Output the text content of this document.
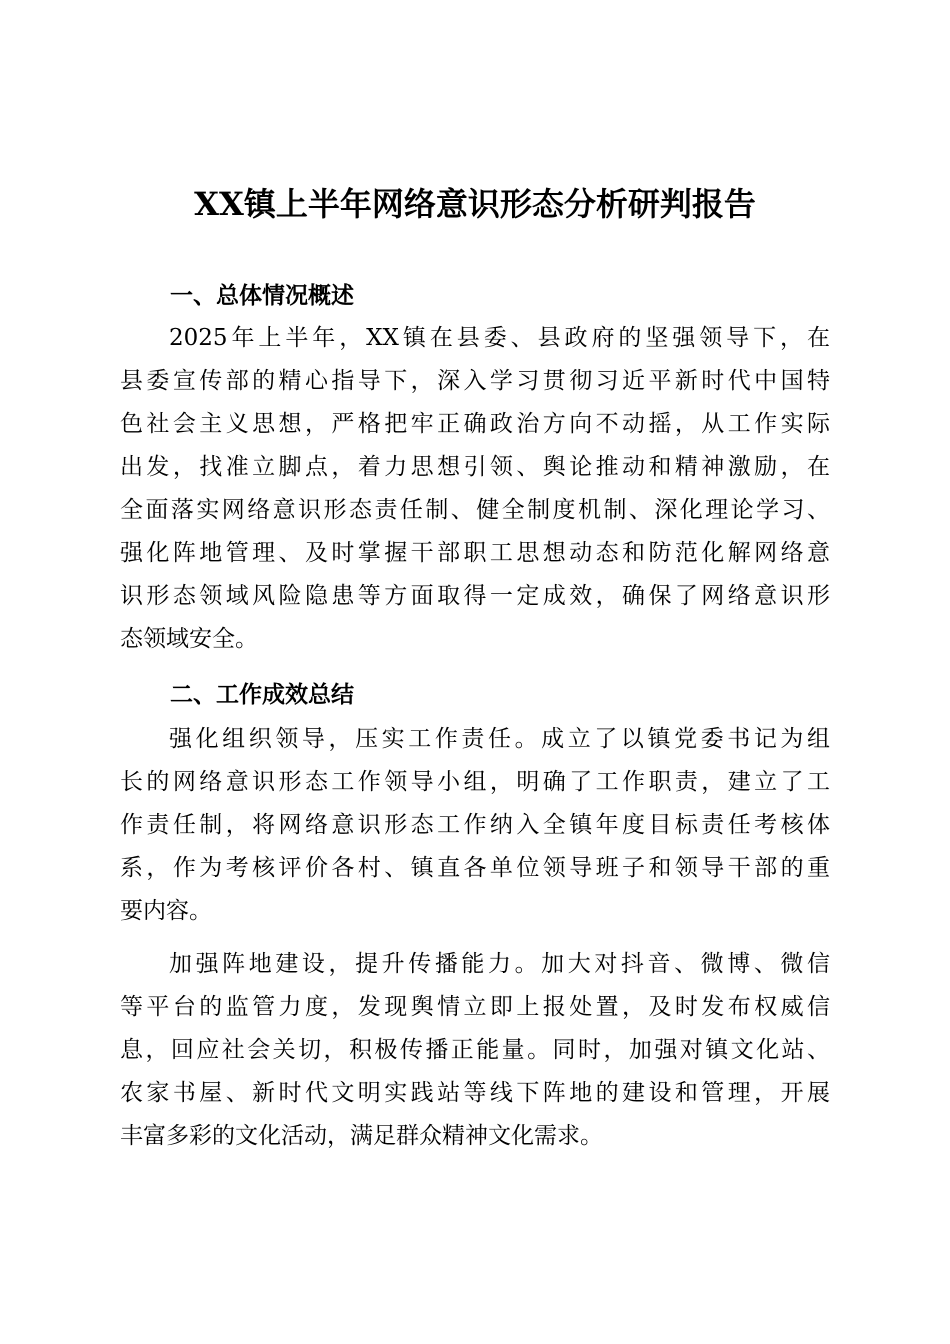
XX镇上半年网络意识形态分析研判报告
一、总体情况概述
2025年上半年，XX镇在县委、县政府的坚强领导下，在
县委宣传部的精心指导下，深入学习贯彻习近平新时代中国特
色社会主义思想，严格把牢正确政治方向不动摇，从工作实际
出发，找准立脚点，着力思想引领、舆论推动和精神激励，在
全面落实网络意识形态责任制、健全制度机制、深化理论学习、
强化阵地管理、及时掌握干部职工思想动态和防范化解网络意
识形态领域风险隐患等方面取得一定成效，确保了网络意识形
态领域安全。
二、工作成效总结
强化组织领导，压实工作责任。成立了以镇党委书记为组
长的网络意识形态工作领导小组，明确了工作职责，建立了工
作责任制，将网络意识形态工作纳入全镇年度目标责任考核体
系，作为考核评价各村、镇直各单位领导班子和领导干部的重
要内容。
加强阵地建设，提升传播能力。加大对抖音、微博、微信
等平台的监管力度，发现舆情立即上报处置，及时发布权威信
息，回应社会关切，积极传播正能量。同时，加强对镇文化站、
农家书屋、新时代文明实践站等线下阵地的建设和管理，开展
丰富多彩的文化活动，满足群众精神文化需求。
